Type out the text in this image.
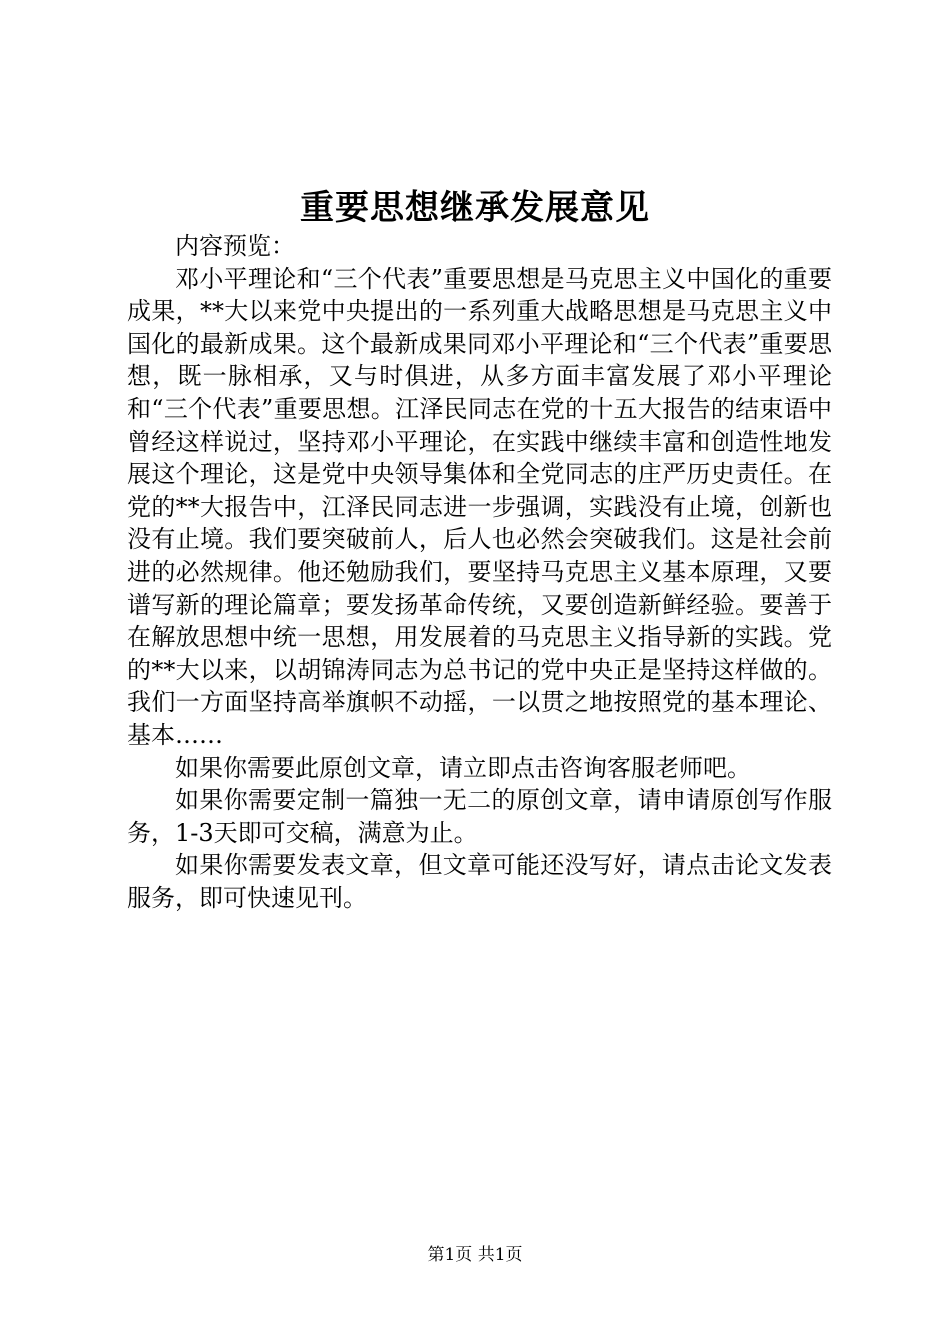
重要思想继承发展意见

内容预览：

邓小平理论和“三个代表”重要思想是马克思主义中国化的重要成果，**大以来党中央提出的一系列重大战略思想是马克思主义中国化的最新成果。这个最新成果同邓小平理论和“三个代表”重要思想，既一脉相承，又与时俱进，从多方面丰富发展了邓小平理论和“三个代表”重要思想。江泽民同志在党的十五大报告的结束语中曾经这样说过，坚持邓小平理论，在实践中继续丰富和创造性地发展这个理论，这是党中央领导集体和全党同志的庄严历史责任。在党的**大报告中，江泽民同志进一步强调，实践没有止境，创新也没有止境。我们要突破前人，后人也必然会突破我们。这是社会前进的必然规律。他还勉励我们，要坚持马克思主义基本原理，又要谱写新的理论篇章；要发扬革命传统，又要创造新鲜经验。要善于在解放思想中统一思想，用发展着的马克思主义指导新的实践。党的**大以来，以胡锦涛同志为总书记的党中央正是坚持这样做的。我们一方面坚持高举旗帜不动摇，一以贯之地按照党的基本理论、基本……

如果你需要此原创文章，请立即点击咨询客服老师吧。

如果你需要定制一篇独一无二的原创文章，请申请原创写作服务，1-3天即可交稿，满意为止。

如果你需要发表文章，但文章可能还没写好，请点击论文发表服务，即可快速见刊。

第1页 共1页
